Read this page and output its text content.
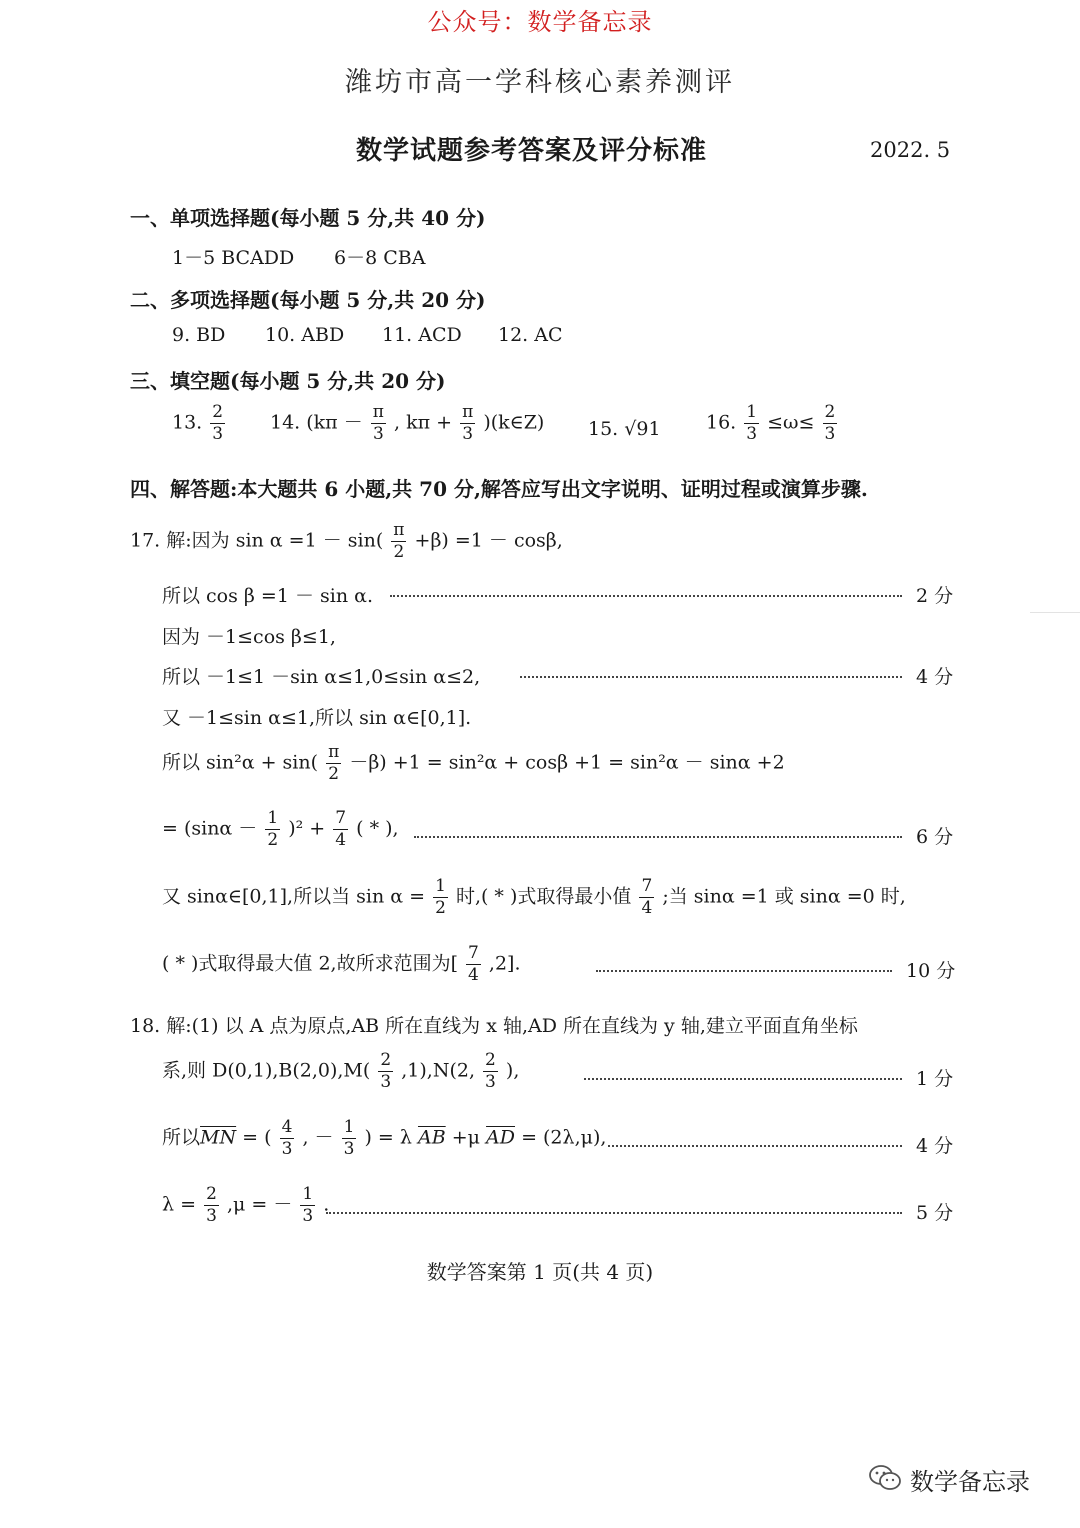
公众号：数学备忘录
潍坊市高一学科核心素养测评
数学试题参考答案及评分标准	2022. 5
一、单项选择题(每小题 5 分,共 40 分)
1－5 BCADD 6－8 CBA
二、多项选择题(每小题 5 分,共 20 分)
9. BD 10. ABD 11. ACD 12. AC
三、填空题(每小题 5 分,共 20 分)
13. $\frac{2}{3} 14$. ($k\pi - \frac{\pi}{3}$ , $k\pi + \frac{\pi}{3}$ )(k∈Z) 15. √91 16. $\frac{1}{3} \le\omega\le \frac{2}{3}$
四、解答题:本大题共 6 小题,共 70 分,解答应写出文字说明、证明过程或演算步骤.
17. 解:因为 $\sin \alpha =1 - \sin( \frac{\pi}{2} +\beta) =1 - \cos\beta$,
所以 cos β =1 － sin α.	2 分
因为 －1≤cos β≤1,
所以 －1≤1 －sin α≤1,0≤sin α≤2,	4 分
又 －1≤sin α≤1,所以 sin α∈[0,1].
所以 $\sin^2\alpha + \sin( \frac{\pi}{2} -\beta) +1 = \sin^2\alpha + \cos\beta +1 = \sin^2\alpha - \sin\alpha +2$
= $(\sin\alpha - \frac{1}{2} )^2 + \frac{7}{4}$ ( * ),	6 分
又 sinα∈[0,1],所以当 $\sin \alpha = \frac{1}{2}$ 时,( * )式取得最小值 $\frac{7}{4}$ ;当 sinα =1 或 sinα =0 时,
( * )式取得最大值 2,故所求范围为[ $\frac{7}{4} ,2$].	10 分
18. 解:(1) 以 A 点为原点,AB 所在直线为 x 轴,AD 所在直线为 y 轴,建立平面直角坐标
系,则 $D(0,1),B(2,0),M( \frac{2}{3} ,1),N(2$, $\frac{2}{3}$ ),	1 分
所以$\overline{MN}$ = ( $\frac{4}{3}$ , － $\frac{1}{3}$ ) = λ $\overline{AB} +\mu$ $\overline{AD} = (2\lambda,\mu)$,	4 分
$\lambda = \frac{2}{3} ,\mu$ = － $\frac{1}{3}$ .	5 分
数学答案第 1 页(共 4 页)
数学备忘录
